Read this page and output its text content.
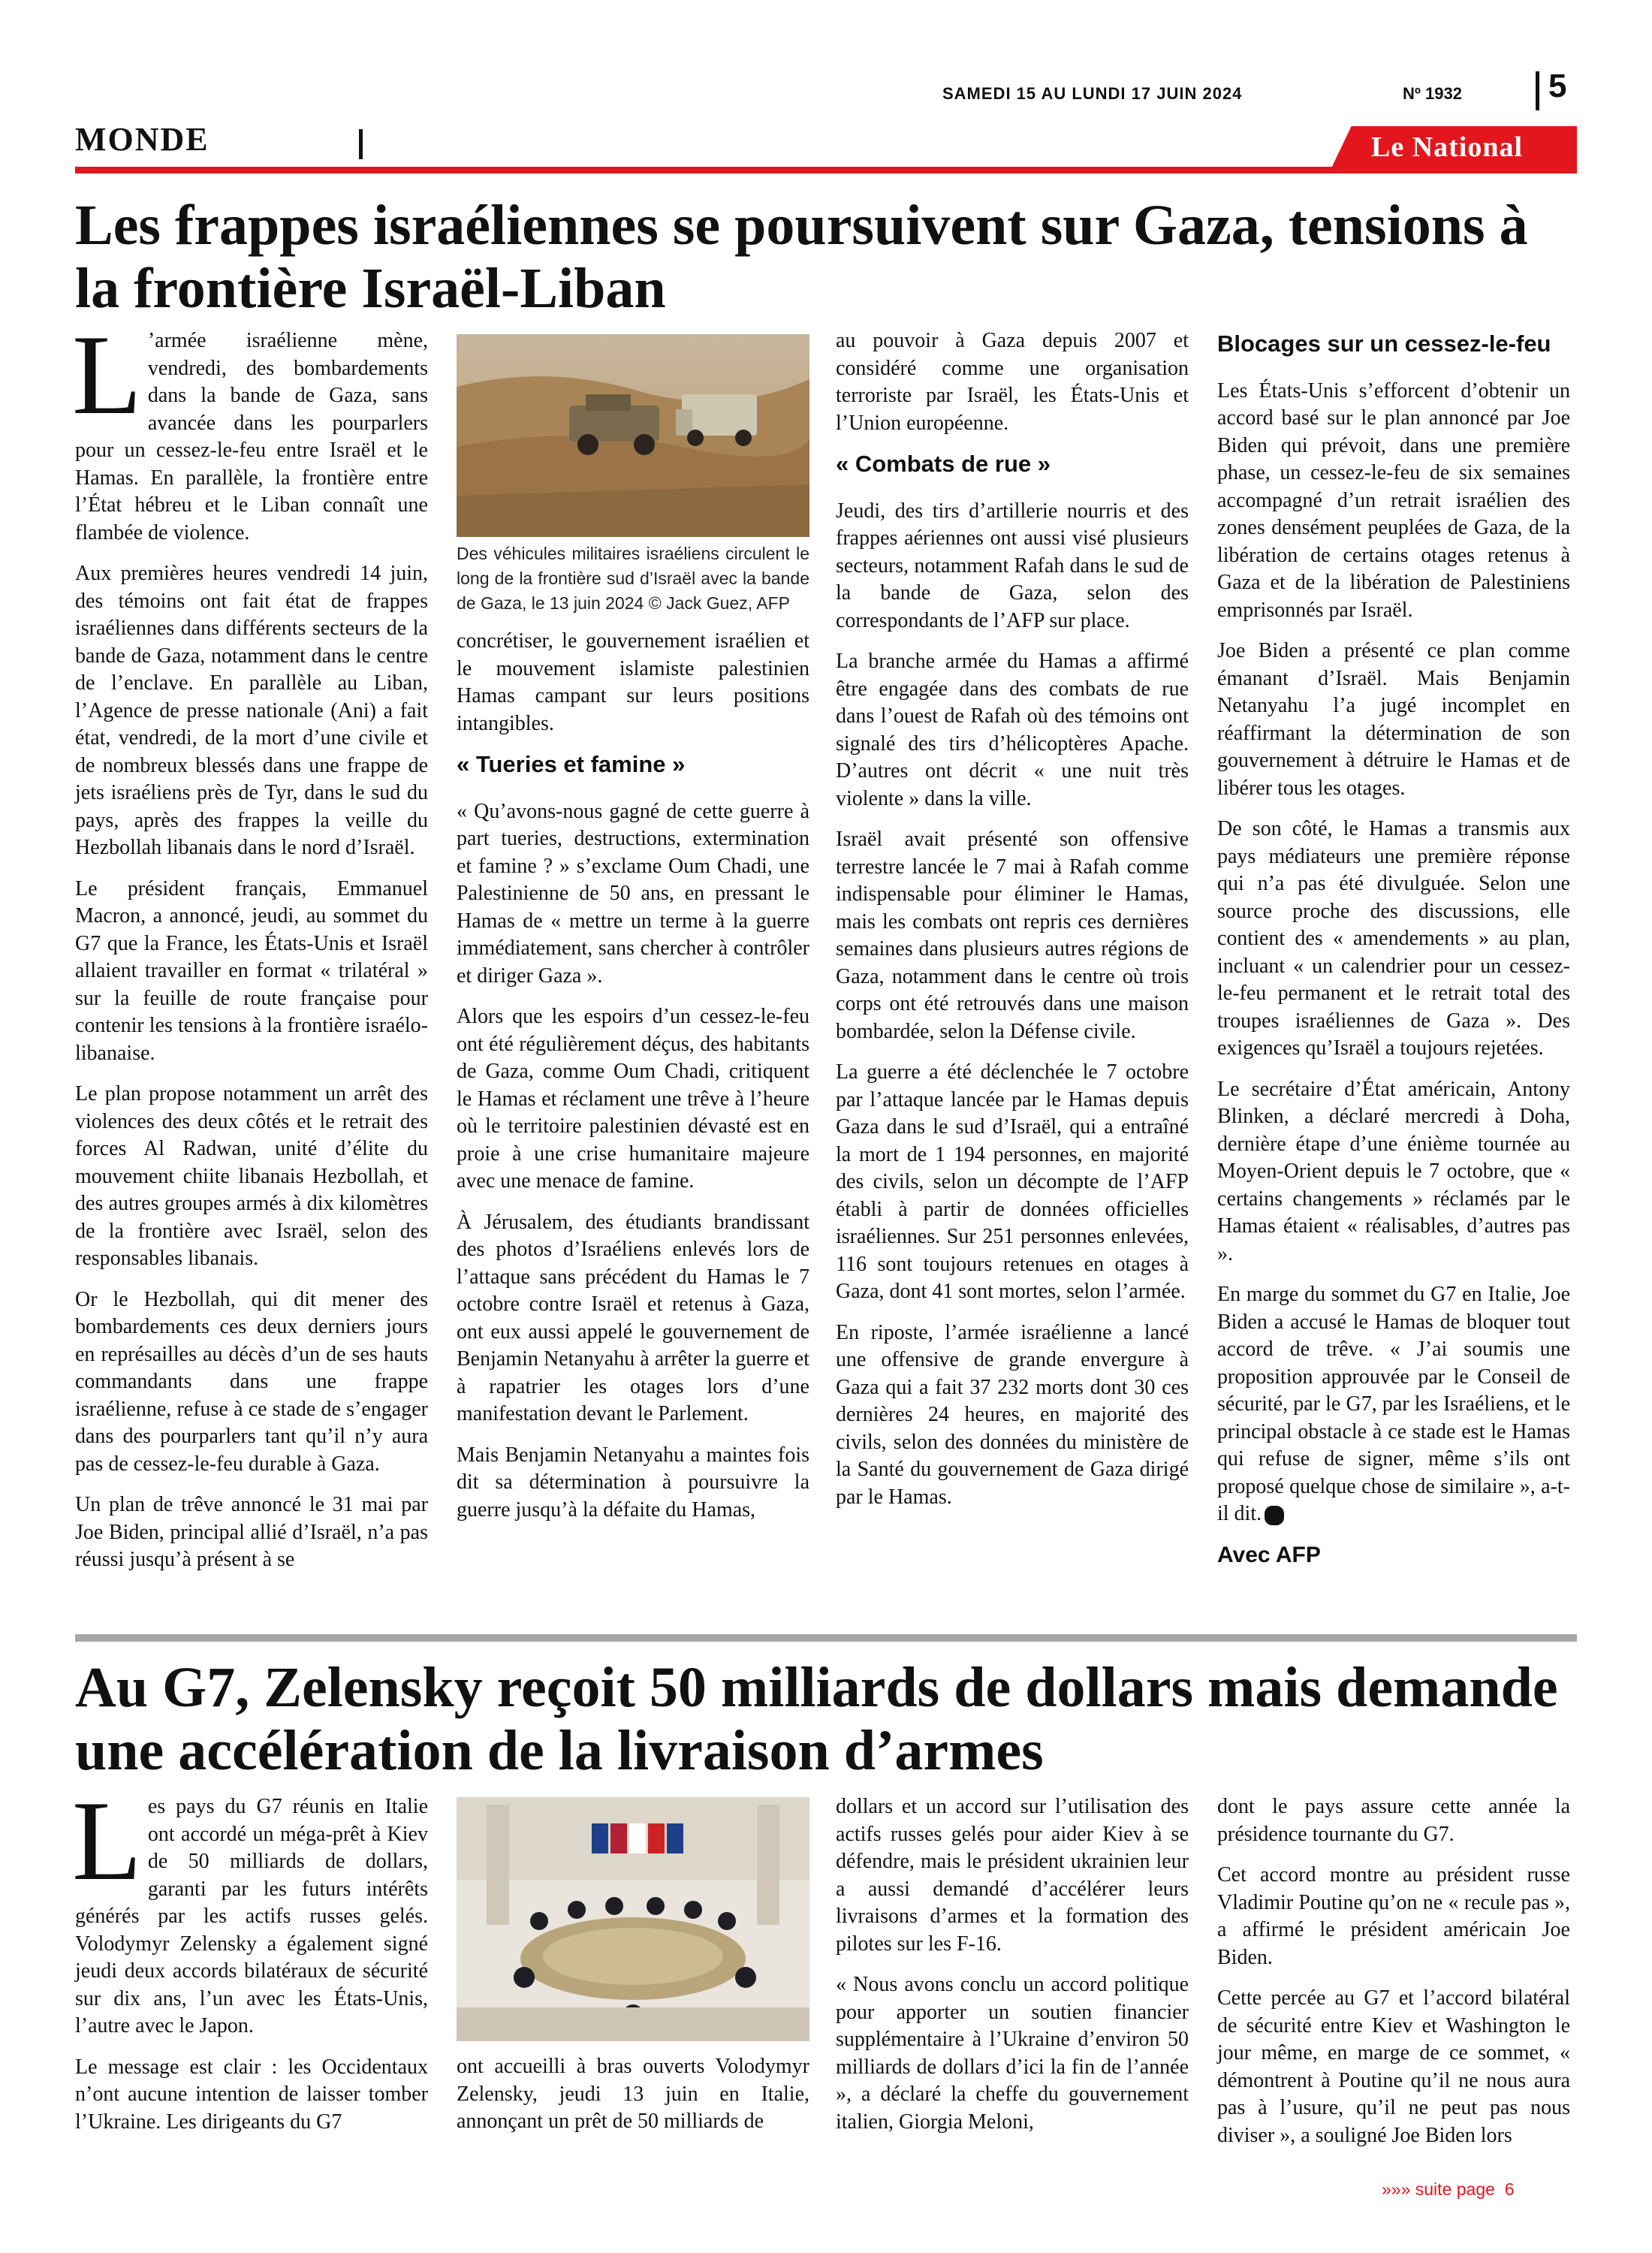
SAMEDI 15 AU LUNDI 17 JUIN 2024	Nº 1932	5
MONDE	Le National
Les frappes israéliennes se poursuivent sur Gaza, tensions à la frontière Israël-Liban

L ’armée israélienne mène, vendredi, des bombardements dans la bande de Gaza, sans avancée dans les pourparlers pour un cessez-le-feu entre Israël et le Hamas. En parallèle, la frontière entre l’État hébreu et le Liban connaît une flambée de violence.

Aux premières heures vendredi 14 juin, des témoins ont fait état de frappes israéliennes dans différents secteurs de la bande de Gaza, notamment dans le centre de l’enclave. En parallèle au Liban, l’Agence de presse nationale (Ani) a fait état, vendredi, de la mort d’une civile et de nombreux blessés dans une frappe de jets israéliens près de Tyr, dans le sud du pays, après des frappes la veille du Hezbollah libanais dans le nord d’Israël.

Le président français, Emmanuel Macron, a annoncé, jeudi, au sommet du G7 que la France, les États-Unis et Israël allaient travailler en format « trilatéral » sur la feuille de route française pour contenir les tensions à la frontière israélo-libanaise.

Le plan propose notamment un arrêt des violences des deux côtés et le retrait des forces Al Radwan, unité d’élite du mouvement chiite libanais Hezbollah, et des autres groupes armés à dix kilomètres de la frontière avec Israël, selon des responsables libanais.

Or le Hezbollah, qui dit mener des bombardements ces deux derniers jours en représailles au décès d’un de ses hauts commandants dans une frappe israélienne, refuse à ce stade de s’engager dans des pourparlers tant qu’il n’y aura pas de cessez-le-feu durable à Gaza.

Un plan de trêve annoncé le 31 mai par Joe Biden, principal allié d’Israël, n’a pas réussi jusqu’à présent à se

Des véhicules militaires israéliens circulent le long de la frontière sud d’Israël avec la bande de Gaza, le 13 juin 2024 © Jack Guez, AFP

concrétiser, le gouvernement israélien et le mouvement islamiste palestinien Hamas campant sur leurs positions intangibles.

« Tueries et famine »

« Qu’avons-nous gagné de cette guerre à part tueries, destructions, extermination et famine ? » s’exclame Oum Chadi, une Palestinienne de 50 ans, en pressant le Hamas de « mettre un terme à la guerre immédiatement, sans chercher à contrôler et diriger Gaza ».

Alors que les espoirs d’un cessez-le-feu ont été régulièrement déçus, des habitants de Gaza, comme Oum Chadi, critiquent le Hamas et réclament une trêve à l’heure où le territoire palestinien dévasté est en proie à une crise humanitaire majeure avec une menace de famine.

À Jérusalem, des étudiants brandissant des photos d’Israéliens enlevés lors de l’attaque sans précédent du Hamas le 7 octobre contre Israël et retenus à Gaza, ont eux aussi appelé le gouvernement de Benjamin Netanyahu à arrêter la guerre et à rapatrier les otages lors d’une manifestation devant le Parlement.

Mais Benjamin Netanyahu a maintes fois dit sa détermination à poursuivre la guerre jusqu’à la défaite du Hamas,

au pouvoir à Gaza depuis 2007 et considéré comme une organisation terroriste par Israël, les États-Unis et l’Union européenne.

« Combats de rue »

Jeudi, des tirs d’artillerie nourris et des frappes aériennes ont aussi visé plusieurs secteurs, notamment Rafah dans le sud de la bande de Gaza, selon des correspondants de l’AFP sur place.

La branche armée du Hamas a affirmé être engagée dans des combats de rue dans l’ouest de Rafah où des témoins ont signalé des tirs d’hélicoptères Apache. D’autres ont décrit « une nuit très violente » dans la ville.

Israël avait présenté son offensive terrestre lancée le 7 mai à Rafah comme indispensable pour éliminer le Hamas, mais les combats ont repris ces dernières semaines dans plusieurs autres régions de Gaza, notamment dans le centre où trois corps ont été retrouvés dans une maison bombardée, selon la Défense civile.

La guerre a été déclenchée le 7 octobre par l’attaque lancée par le Hamas depuis Gaza dans le sud d’Israël, qui a entraîné la mort de 1 194 personnes, en majorité des civils, selon un décompte de l’AFP établi à partir de données officielles israéliennes. Sur 251 personnes enlevées, 116 sont toujours retenues en otages à Gaza, dont 41 sont mortes, selon l’armée.

En riposte, l’armée israélienne a lancé une offensive de grande envergure à Gaza qui a fait 37 232 morts dont 30 ces dernières 24 heures, en majorité des civils, selon des données du ministère de la Santé du gouvernement de Gaza dirigé par le Hamas.

Blocages sur un cessez-le-feu

Les États-Unis s’efforcent d’obtenir un accord basé sur le plan annoncé par Joe Biden qui prévoit, dans une première phase, un cessez-le-feu de six semaines accompagné d’un retrait israélien des zones densément peuplées de Gaza, de la libération de certains otages retenus à Gaza et de la libération de Palestiniens emprisonnés par Israël.

Joe Biden a présenté ce plan comme émanant d’Israël. Mais Benjamin Netanyahu l’a jugé incomplet en réaffirmant la détermination de son gouvernement à détruire le Hamas et de libérer tous les otages.

De son côté, le Hamas a transmis aux pays médiateurs une première réponse qui n’a pas été divulguée. Selon une source proche des discussions, elle contient des « amendements » au plan, incluant « un calendrier pour un cessez-le-feu permanent et le retrait total des troupes israéliennes de Gaza ». Des exigences qu’Israël a toujours rejetées.

Le secrétaire d’État américain, Antony Blinken, a déclaré mercredi à Doha, dernière étape d’une énième tournée au Moyen-Orient depuis le 7 octobre, que « certains changements » réclamés par le Hamas étaient « réalisables, d’autres pas ».

En marge du sommet du G7 en Italie, Joe Biden a accusé le Hamas de bloquer tout accord de trêve. « J’ai soumis une proposition approuvée par le Conseil de sécurité, par le G7, par les Israéliens, et le principal obstacle à ce stade est le Hamas qui refuse de signer, même s’ils ont proposé quelque chose de similaire », a-t-il dit.

Avec AFP
Au G7, Zelensky reçoit 50 milliards de dollars mais demande une accélération de la livraison d’armes

Les pays du G7 réunis en Italie ont accordé un méga-prêt à Kiev de 50 milliards de dollars, garanti par les futurs intérêts générés par les actifs russes gelés. Volodymyr Zelensky a également signé jeudi deux accords bilatéraux de sécurité sur dix ans, l’un avec les États-Unis, l’autre avec le Japon.

Le message est clair : les Occidentaux n’ont aucune intention de laisser tomber l’Ukraine. Les dirigeants du G7

ont accueilli à bras ouverts Volodymyr Zelensky, jeudi 13 juin en Italie, annonçant un prêt de 50 milliards de

dollars et un accord sur l’utilisation des actifs russes gelés pour aider Kiev à se défendre, mais le président ukrainien leur a aussi demandé d’accélérer leurs livraisons d’armes et la formation des pilotes sur les F-16.

« Nous avons conclu un accord politique pour apporter un soutien financier supplémentaire à l’Ukraine d’environ 50 milliards de dollars d’ici la fin de l’année », a déclaré la cheffe du gouvernement italien, Giorgia Meloni,

dont le pays assure cette année la présidence tournante du G7.

Cet accord montre au président russe Vladimir Poutine qu’on ne « recule pas », a affirmé le président américain Joe Biden.

Cette percée au G7 et l’accord bilatéral de sécurité entre Kiev et Washington le jour même, en marge de ce sommet, « démontrent à Poutine qu’il ne nous aura pas à l’usure, qu’il ne peut pas nous diviser », a souligné Joe Biden lors

»»» suite page 6
